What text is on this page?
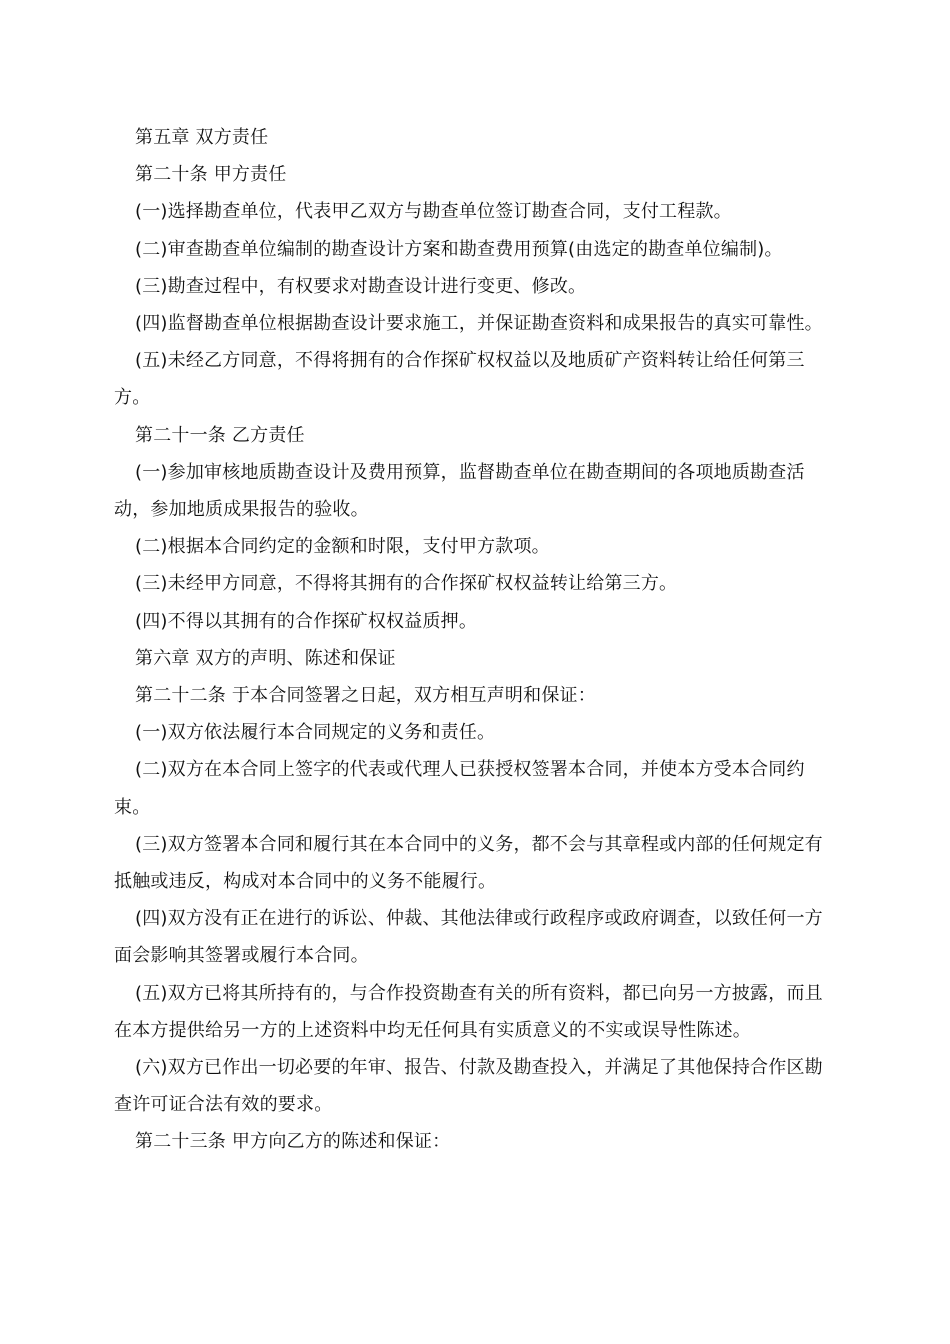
第五章 双方责任

第二十条 甲方责任

(一)选择勘查单位，代表甲乙双方与勘查单位签订勘查合同，支付工程款。

(二)审查勘查单位编制的勘查设计方案和勘查费用预算(由选定的勘查单位编制)。

(三)勘查过程中，有权要求对勘查设计进行变更、修改。

(四)监督勘查单位根据勘查设计要求施工，并保证勘查资料和成果报告的真实可靠性。

(五)未经乙方同意，不得将拥有的合作探矿权权益以及地质矿产资料转让给任何第三方。

第二十一条 乙方责任

(一)参加审核地质勘查设计及费用预算，监督勘查单位在勘查期间的各项地质勘查活动，参加地质成果报告的验收。

(二)根据本合同约定的金额和时限，支付甲方款项。

(三)未经甲方同意，不得将其拥有的合作探矿权权益转让给第三方。

(四)不得以其拥有的合作探矿权权益质押。

第六章 双方的声明、陈述和保证

第二十二条 于本合同签署之日起，双方相互声明和保证：

(一)双方依法履行本合同规定的义务和责任。

(二)双方在本合同上签字的代表或代理人已获授权签署本合同，并使本方受本合同约束。

(三)双方签署本合同和履行其在本合同中的义务，都不会与其章程或内部的任何规定有抵触或违反，构成对本合同中的义务不能履行。

(四)双方没有正在进行的诉讼、仲裁、其他法律或行政程序或政府调查，以致任何一方面会影响其签署或履行本合同。

(五)双方已将其所持有的，与合作投资勘查有关的所有资料，都已向另一方披露，而且在本方提供给另一方的上述资料中均无任何具有实质意义的不实或误导性陈述。

(六)双方已作出一切必要的年审、报告、付款及勘查投入，并满足了其他保持合作区勘查许可证合法有效的要求。

第二十三条 甲方向乙方的陈述和保证：
